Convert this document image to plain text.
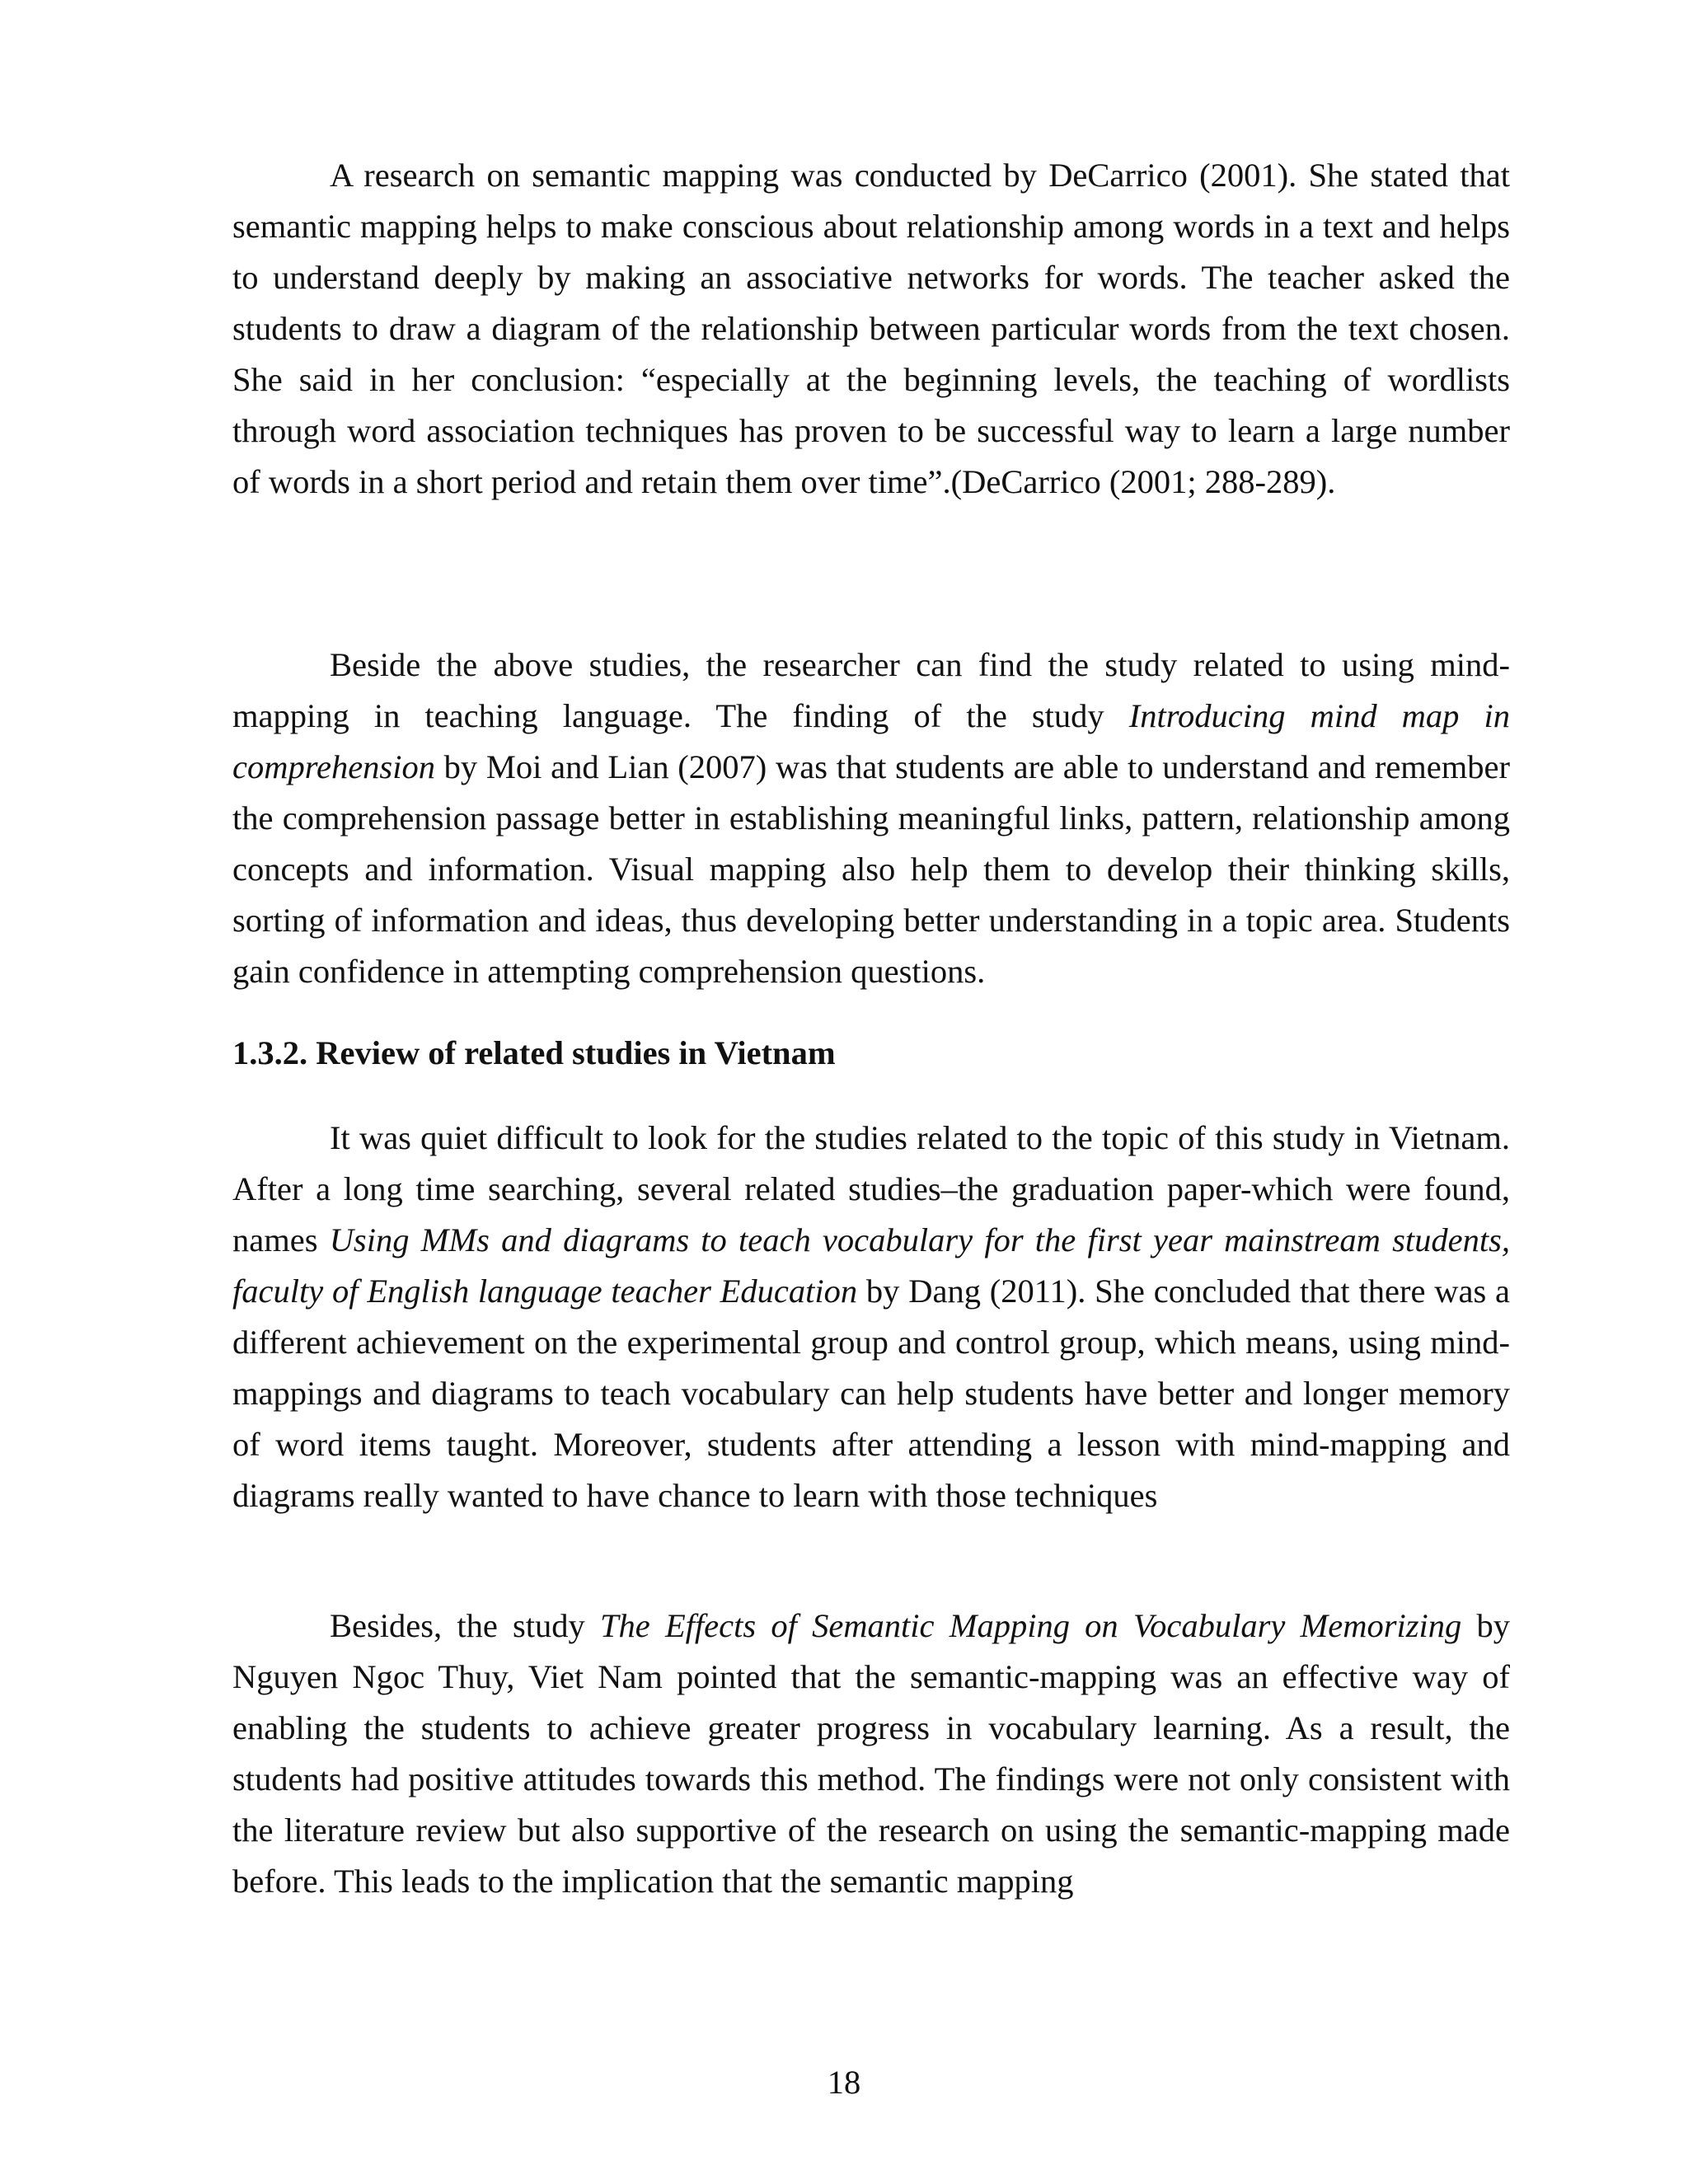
A research on semantic mapping was conducted by DeCarrico (2001). She stated that semantic mapping helps to make conscious about relationship among words in a text and helps to understand deeply by making an associative networks for words. The teacher asked the students to draw a diagram of the relationship between particular words from the text chosen. She said in her conclusion: “especially at the beginning levels, the teaching of wordlists through word association techniques has proven to be successful way to learn a large number of words in a short period and retain them over time”.(DeCarrico (2001; 288-289).

Beside the above studies, the researcher can find the study related to using mind-mapping in teaching language. The finding of the study Introducing mind map in comprehension by Moi and Lian (2007) was that students are able to understand and remember the comprehension passage better in establishing meaningful links, pattern, relationship among concepts and information. Visual mapping also help them to develop their thinking skills, sorting of information and ideas, thus developing better understanding in a topic area. Students gain confidence in attempting comprehension questions.

1.3.2. Review of related studies in Vietnam

It was quiet difficult to look for the studies related to the topic of this study in Vietnam. After a long time searching, several related studies–the graduation paper-which were found, names Using MMs and diagrams to teach vocabulary for the first year mainstream students, faculty of English language teacher Education by Dang (2011). She concluded that there was a different achievement on the experimental group and control group, which means, using mind-mappings and diagrams to teach vocabulary can help students have better and longer memory of word items taught. Moreover, students after attending a lesson with mind-mapping and diagrams really wanted to have chance to learn with those techniques

Besides, the study The Effects of Semantic Mapping on Vocabulary Memorizing by Nguyen Ngoc Thuy, Viet Nam pointed that the semantic-mapping was an effective way of enabling the students to achieve greater progress in vocabulary learning. As a result, the students had positive attitudes towards this method. The findings were not only consistent with the literature review but also supportive of the research on using the semantic-mapping made before. This leads to the implication that the semantic mapping

18
